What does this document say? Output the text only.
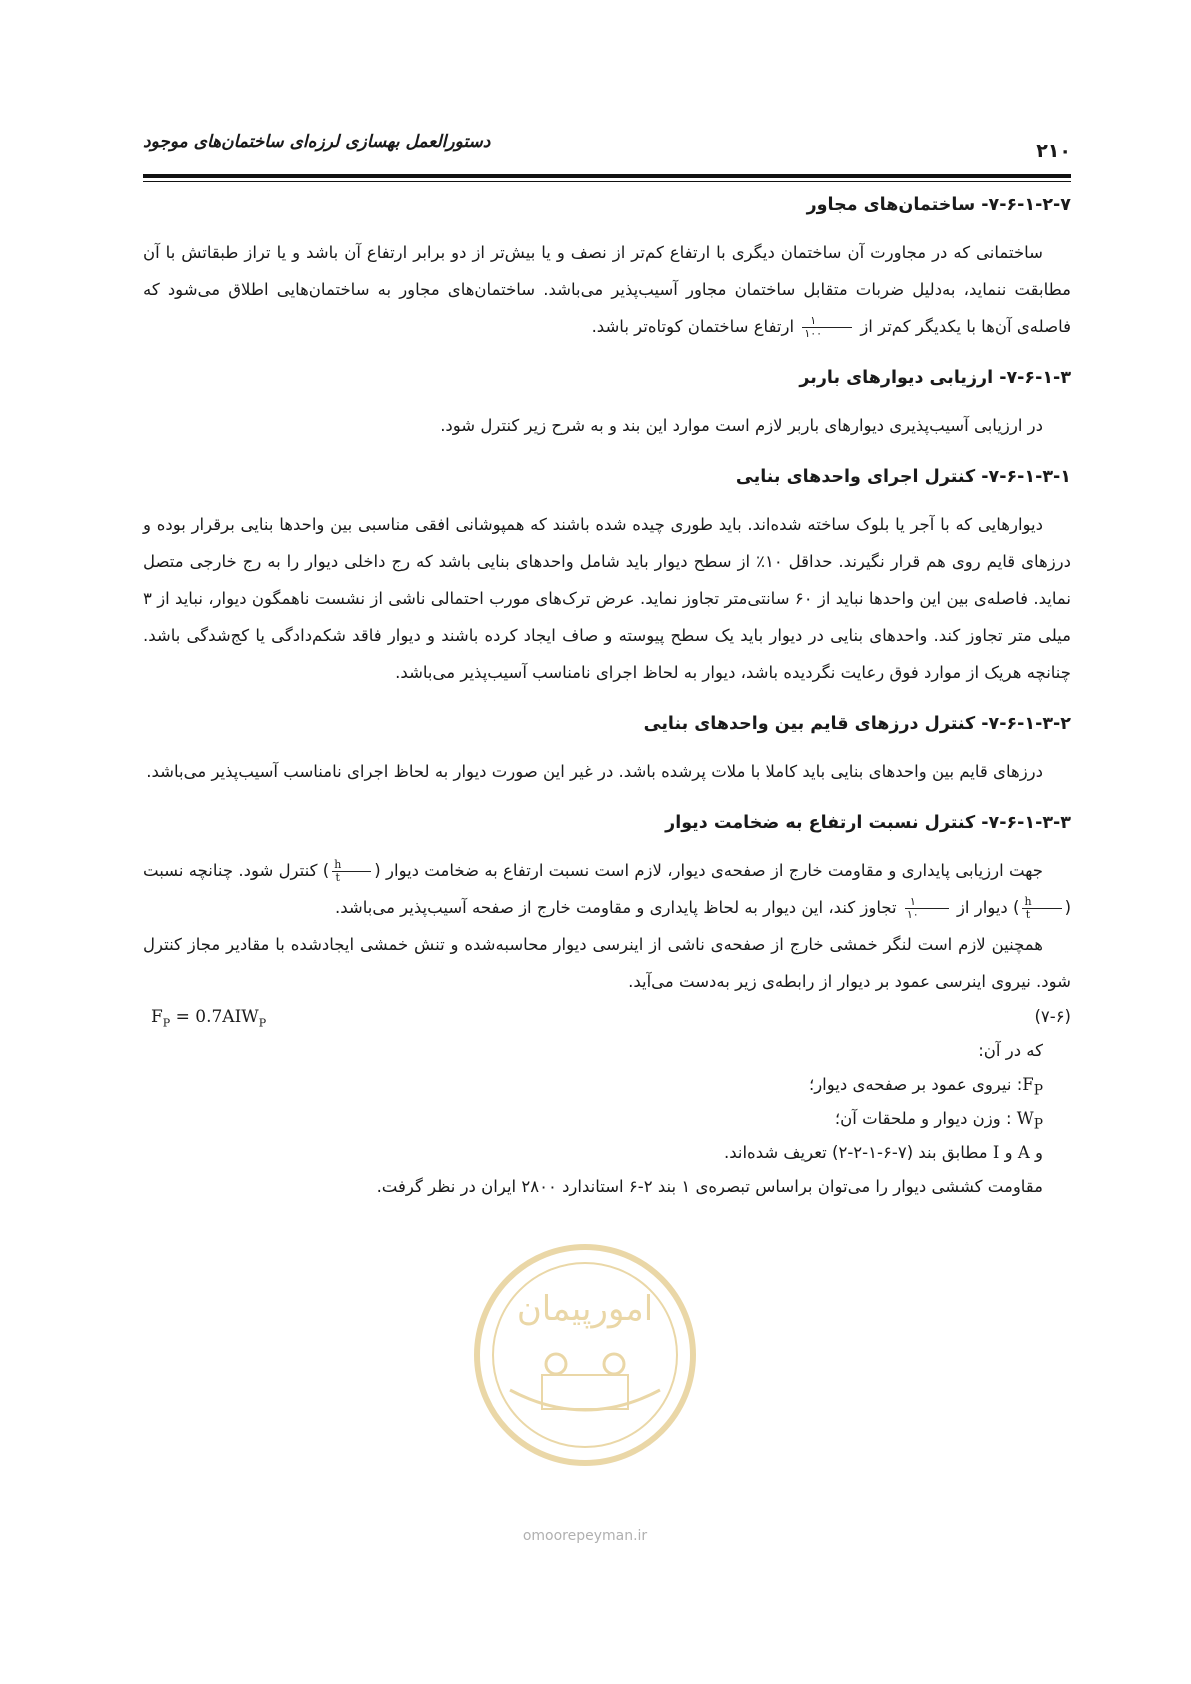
۲۱۰
دستورالعمل بهسازی لرزه‌ای ساختمان‌های موجود

۷-۶-۱-۲-۷- ساختمان‌های مجاور

ساختمانی که در مجاورت آن ساختمان دیگری با ارتفاع کم‌تر از نصف و یا بیش‌تر از دو برابر ارتفاع آن باشد و یا تراز طبقاتش با آن مطابقت ننماید، به‌دلیل ضربات متقابل ساختمان مجاور آسیب‌پذیر می‌باشد. ساختمان‌های مجاور به ساختمان‌هایی اطلاق می‌شود که فاصله‌ی آن‌ها با یکدیگر کم‌تر از
$\frac{۱}{۱۰۰}$
ارتفاع ساختمان کوتاه‌تر باشد.

۷-۶-۱-۳- ارزیابی دیوارهای باربر

در ارزیابی آسیب‌پذیری دیوارهای باربر لازم است موارد این بند و به شرح زیر کنترل شود.

۷-۶-۱-۳-۱- کنترل اجرای واحدهای بنایی

دیوارهایی که با آجر یا بلوک ساخته شده‌اند. باید طوری چیده شده باشند که همپوشانی افقی مناسبی بین واحدها بنایی برقرار بوده و درزهای قایم روی هم قرار نگیرند. حداقل ۱۰٪ از سطح دیوار باید شامل واحدهای بنایی باشد که رج داخلی دیوار را به رج خارجی متصل نماید. فاصله‌ی بین این واحدها نباید از ۶۰ سانتی‌متر تجاوز نماید. عرض ترک‌های مورب احتمالی ناشی از نشست ناهمگون دیوار، نباید از ۳ میلی متر تجاوز کند. واحدهای بنایی در دیوار باید یک سطح پیوسته و صاف ایجاد کرده باشند و دیوار فاقد شکم‌دادگی یا کج‌شدگی باشد. چنانچه هریک از موارد فوق رعایت نگردیده باشد، دیوار به لحاظ اجرای نامناسب آسیب‌پذیر می‌باشد.

۷-۶-۱-۳-۲- کنترل درزهای قایم بین واحدهای بنایی

درزهای قایم بین واحدهای بنایی باید کاملا با ملات پرشده باشد. در غیر این صورت دیوار به لحاظ اجرای نامناسب آسیب‌پذیر می‌باشد.

۷-۶-۱-۳-۳- کنترل نسبت ارتفاع به ضخامت دیوار

جهت ارزیابی پایداری و مقاومت خارج از صفحه‌ی دیوار، لازم است نسبت ارتفاع به ضخامت دیوار (
$\frac{h}{t}$
) کنترل شود. چنانچه نسبت (
$\frac{h}{t}$
) دیوار از
$\frac{۱}{۱۰}$
تجاوز کند، این دیوار به لحاظ پایداری و مقاومت خارج از صفحه آسیب‌پذیر می‌باشد.

همچنین لازم است لنگر خمشی خارج از صفحه‌ی ناشی از اینرسی دیوار محاسبه‌شده و تنش خمشی ایجادشده با مقادیر مجاز کنترل شود. نیروی اینرسی عمود بر دیوار از رابطه‌ی زیر به‌دست می‌آید.

$F_P = 0.7AIW_P$	(۷-۶)

که در آن:

$F_P$: نیروی عمود بر صفحه‌ی دیوار؛

$W_P$ : وزن دیوار و ملحقات آن؛

و A و I مطابق بند (۷-۶-۱-۲-۲) تعریف شده‌اند.

مقاومت کششی دیوار را می‌توان براساس تبصره‌ی ۱ بند ۲-۶ استاندارد ۲۸۰۰ ایران در نظر گرفت.

امورپیمان
omoorepeyman.ir
